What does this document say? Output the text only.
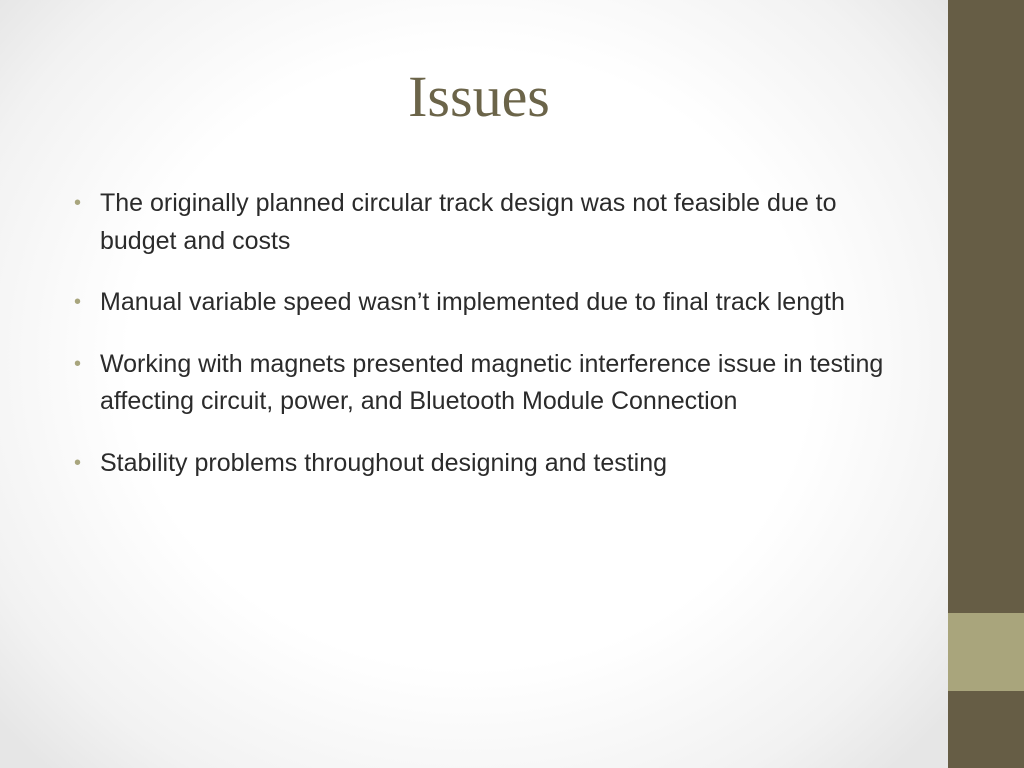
Issues
• The originally planned circular track design was not feasible due to budget and costs
• Manual variable speed wasn’t implemented due to final track length
• Working with magnets presented magnetic interference issue in testing affecting circuit, power, and Bluetooth Module Connection
• Stability problems throughout designing and testing
